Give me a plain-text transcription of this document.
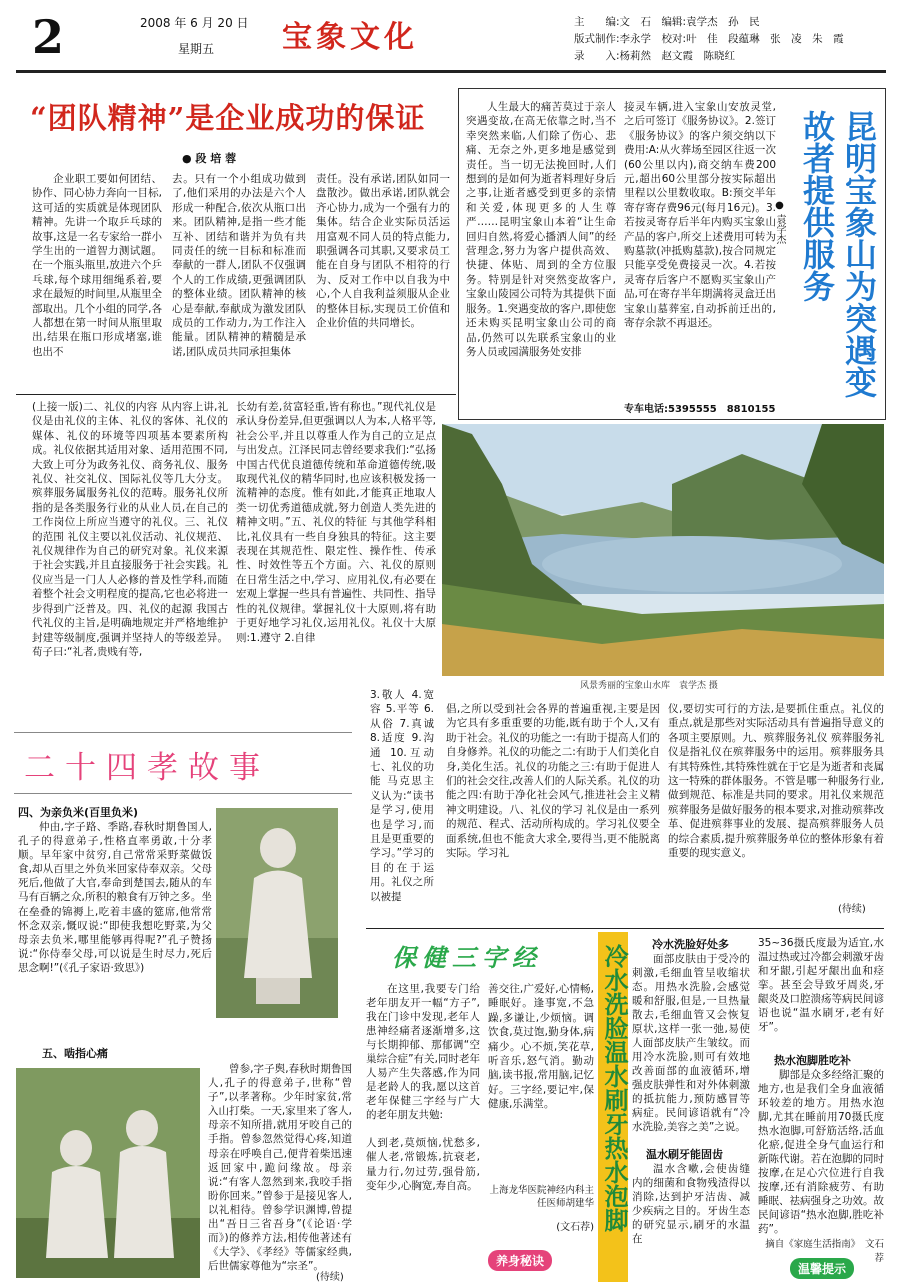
2	2008 年 6 月 20 日
星期五 宝象文化	主　　编:文　石　编辑:袁学杰　孙　民
版式制作:李永学　校对:叶　佳　段蕴琳　张　凌　朱　霞
录　　入:杨莉然　赵文霞　陈晓红
“团队精神”是企业成功的保证
● 段 培 蓉

企业职工要如何团结、协作、同心协力奔向一目标,这可适的实质就是体现团队精神。先讲一个取乒乓球的故事,这是一名专家给一群小学生出的一道智力测试题。在一个瓶头瓶里,放进六个乒乓球,每个球用细绳系着,要求在最短的时间里,从瓶里全部取出。几个小组的同学,各人都想在第一时间从瓶里取出,结果在瓶口形成堵塞,谁也出不

去。只有一个小组成功做到了,他们采用的办法是六个人形成一种配合,依次从瓶口出来。团队精神,是指一些才能互补、团结和谐并为负有共同责任的统一目标和标准而奉献的一群人,团队不仅强调个人的工作成绩,更强调团队的整体业绩。团队精神的核心是奉献,奉献成为激发团队成员的工作动力,为工作注入能量。团队精神的精髓是承诺,团队成员共同承担集体

责任。没有承诺,团队如同一盘散沙。做出承诺,团队就会齐心协力,成为一个强有力的集体。结合企业实际员活运用富观不同人员的特点能力,职强调各司其职,又要求员工能在自身与团队不相符的行为、反对工作中以自我为中心,个人自我利益须服从企业的整体目标,实现员工价值和企业价值的共同增长。

人生最大的痛苦莫过于亲人突遇变故,在高无依靠之时,当不幸突然来临,人们除了伤心、悲痛、无奈之外,更多地是感觉到责任。当一切无法挽回时,人们想到的是如何为逝者料理好身后之事,让逝者感受到更多的亲情和关爱,体现更多的人生尊严……昆明宝象山本着“让生命回归自然,将爱心播洒人间”的经营理念,努力为客户提供高效、快捷、体贴、周到的全方位服务。特别是针对突然变故客户,宝象山陵园公司特为其提供下面服务。1.突遇变故的客户,即使您还未购买昆明宝象山公司的商品,仍然可以先联系宝象山的业务人员或园满服务处安排

接灵车辆,进入宝象山安放灵堂,之后可签订《服务协议》。2.签订《服务协议》的客户须交纳以下费用:A:从火葬场至园区往返一次(60公里以内),商交纳车费200元,超出60公里部分按实际超出里程以公里数收取。B:预交半年寄存寄存费96元(每月16元)。3.若按灵寄存后半年内购买宝象山产品的客户,所交上述费用可转为购墓款(冲抵购墓款),按合同规定只能享受免费接灵一次。4.若按灵寄存后客户不愿购买宝象山产品,可在寄存半年期满将灵盒迁出宝象山墓葬室,自动拆前迁出的,寄存余款不再退还。

专车电话:5395555　8810155
昆明宝象山为突遇变故者提供服务
● 袁学杰

(上接一版)二、礼仪的内容 从内容上讲,礼仪是由礼仪的主体、礼仪的客体、礼仪的媒体、礼仪的环境等四项基本要素所构成。礼仪依据其适用对象、适用范围不同,大致上可分为政务礼仪、商务礼仪、服务礼仪、社交礼仪、国际礼仪等几大分支。殡葬服务属服务礼仪的范畴。服务礼仪所指的是各类服务行业的从业人员,在自己的工作岗位上所应当遵守的礼仪。三、礼仪的范围 礼仪主要以礼仪活动、礼仪规范、礼仪规律作为自己的研究对象。礼仪来源于社会实践,并且直接服务于社会实践。礼仪应当是一门人人必修的普及性学科,而随着整个社会文明程度的提高,它也必将进一步得到广泛普及。四、礼仪的起源 我国古代礼仪的主旨,是明确地规定并严格地维护封建等级制度,强调并坚持人的等级差异。荀子曰:“礼者,贵贱有等,

长幼有差,贫富轻重,皆有称也。”现代礼仪是承认身份差异,但更强调以人为本,人格平等,社会公平,并且以尊重人作为自己的立足点与出发点。江泽民同志曾经要求我们:“弘扬中国古代优良道德传统和革命道德传统,吸取现代礼仪的精华同时,也应该积极发扬一流精神的态度。惟有如此,才能真正地取人类一切优秀道德成就,努力创造人类先进的精神文明。”五、礼仪的特征 与其他学科相比,礼仪具有一些自身独具的特征。这主要表现在其规范性、限定性、操作性、传承性、时效性等五个方面。六、礼仪的原则 在日常生活之中,学习、应用礼仪,有必要在宏观上掌握一些具有普遍性、共同性、指导性的礼仪规律。掌握礼仪十大原则,将有助于更好地学习礼仪,运用礼仪。礼仪十大原则:1.遵守 2.自律

3.敬人 4.宽容 5.平等 6.从俗 7.真诚 8.适度 9.沟通 10.互动 七、礼仪的功能 马克思主义认为:“读书是学习,使用也是学习,而且是更重要的学习。”学习的目的在于运用。礼仪之所以被提

倡,之所以受到社会各界的普遍重视,主要是因为它具有多重重要的功能,既有助于个人,又有助于社会。礼仪的功能之一:有助于提高人们的自身修养。礼仪的功能之二:有助于人们美化自身,美化生活。礼仪的功能之三:有助于促进人们的社会交往,改善人们的人际关系。礼仪的功能之四:有助于净化社会风气,推进社会主义精神文明建设。八、礼仪的学习 礼仪是由一系列的规范、程式、活动所构成的。学习礼仪要全面系统,但也不能贪大求全,要得当,更不能脱离实际。学习礼

仪,要切实可行的方法,是要抓住重点。礼仪的重点,就是那些对实际活动具有普遍指导意义的各项主要原则。九、殡葬服务礼仪 殡葬服务礼仪是指礼仪在殡葬服务中的运用。殡葬服务具有其特殊性,其特殊性就在于它是为逝者和丧属这一特殊的群体服务。不管是哪一种服务行业,做到规范、标准是共同的要求。用礼仪来规范殡葬服务是做好服务的根本要求,对推动殡葬改革、促进殡葬事业的发展、提高殡葬服务人员的综合素质,提升殡葬服务单位的整体形象有着重要的现实意义。

(待续)
风景秀丽的宝象山水库　袁学杰 摄
二十四孝故事
四、为亲负米(百里负米)

仲由,字子路、季路,春秋时期鲁国人,孔子的得意弟子,性格直率勇敢,十分孝顺。早年家中贫穷,自己常常采野菜做饭食,却从百里之外负米回家侍奉双亲。父母死后,他做了大官,奉命到楚国去,随从的车马有百辆之众,所积的粮食有万钟之多。坐在垒叠的锦褥上,吃着丰盛的筵席,他常常怀念双亲,慨叹说:“即使我想吃野菜,为父母亲去负米,哪里能够再得呢?”孔子赞扬说:“你侍奉父母,可以说是生时尽力,死后思念啊!”(《孔子家语·致思》)

五、啮指心痛

曾参,字子舆,春秋时期鲁国人,孔子的得意弟子,世称“曾子”,以孝著称。少年时家贫,常入山打柴。一天,家里来了客人,母亲不知所措,就用牙咬自己的手指。曾参忽然觉得心疼,知道母亲在呼唤自己,便背着柴迅速返回家中,跪问缘故。母亲说:“有客人忽然到来,我咬手指盼你回来。”曾参于是接见客人,以礼相待。曾参学识渊博,曾提出“吾日三省吾身”(《论语·学而》)的修养方法,相传他著述有《大学》、《孝经》等儒家经典,后世儒家尊他为“宗圣”。

(待续)
保健三字经

在这里,我要专门给老年朋友开一幅“方子”,我在门诊中发现,老年人患神经痛者逐渐增多,这与长期抑郁、那郁调“空巢综合症”有关,同时老年人易产生失落感,作为同是老龄人的我,愿以这首老年保健三字经与广大的老年朋友共勉:

人到老,莫烦恼,忧愁多,催人老,常锻炼,抗衰老,量力行,勿过劳,强骨筋,变年少,心胸宽,寿自高。

善交往,广爱好,心情畅,睡眠好。逢事宽,不急躁,多谦让,少烦恼。调饮食,莫过饱,勤身体,病痛少。心不烦,笑花草,听音乐,怒气消。勤动脑,读书报,常用脑,记忆好。三字经,要记牢,保健康,乐满堂。

上海龙华医院神经内科主任医师胡建华
(文石荐)
养身秘诀
冷水洗脸温水刷牙热水泡脚 冷水洗脸好处多

面部皮肤由于受冷的刺激,毛细血管呈收缩状态。用热水洗脸,会感觉暖和舒服,但是,一旦热量散去,毛细血管又会恢复原状,这样一张一弛,易使人面部皮肤产生皱纹。而用冷水洗脸,则可有效地改善面部的血液循环,增强皮肤弹性和对外体刺激的抵抗能力,预防感冒等病症。民间谚语就有“冷水洗脸,美容之美”之说。

温水刷牙能固齿

温水含嗽,会使齿缝内的细菌和食物残渣得以消除,达到护牙洁齿、减少疾病之目的。牙齿生态的研究显示,刷牙的水温在

35~36摄氏度最为适宜,水温过热或过冷都会刺激牙齿和牙龈,引起牙龈出血和痉挛。甚至会导致牙周炎,牙龈炎及口腔溃疡等病民间谚语也说“温水刷牙,老有好牙”。

热水泡脚胜吃补

脚部是众多经络汇聚的地方,也是我们全身血液循环较差的地方。用热水泡脚,尤其在睡前用70摄氏度热水泡脚,可舒筋活络,活血化瘀,促进全身气血运行和新陈代谢。若在泡脚的同时按摩,在足心穴位进行自我按摩,还有消除疲劳、有助睡眠、祛病强身之功效。故民间谚语“热水泡脚,胜吃补药”。

摘自《家庭生活指南》　文石荐
温馨提示
